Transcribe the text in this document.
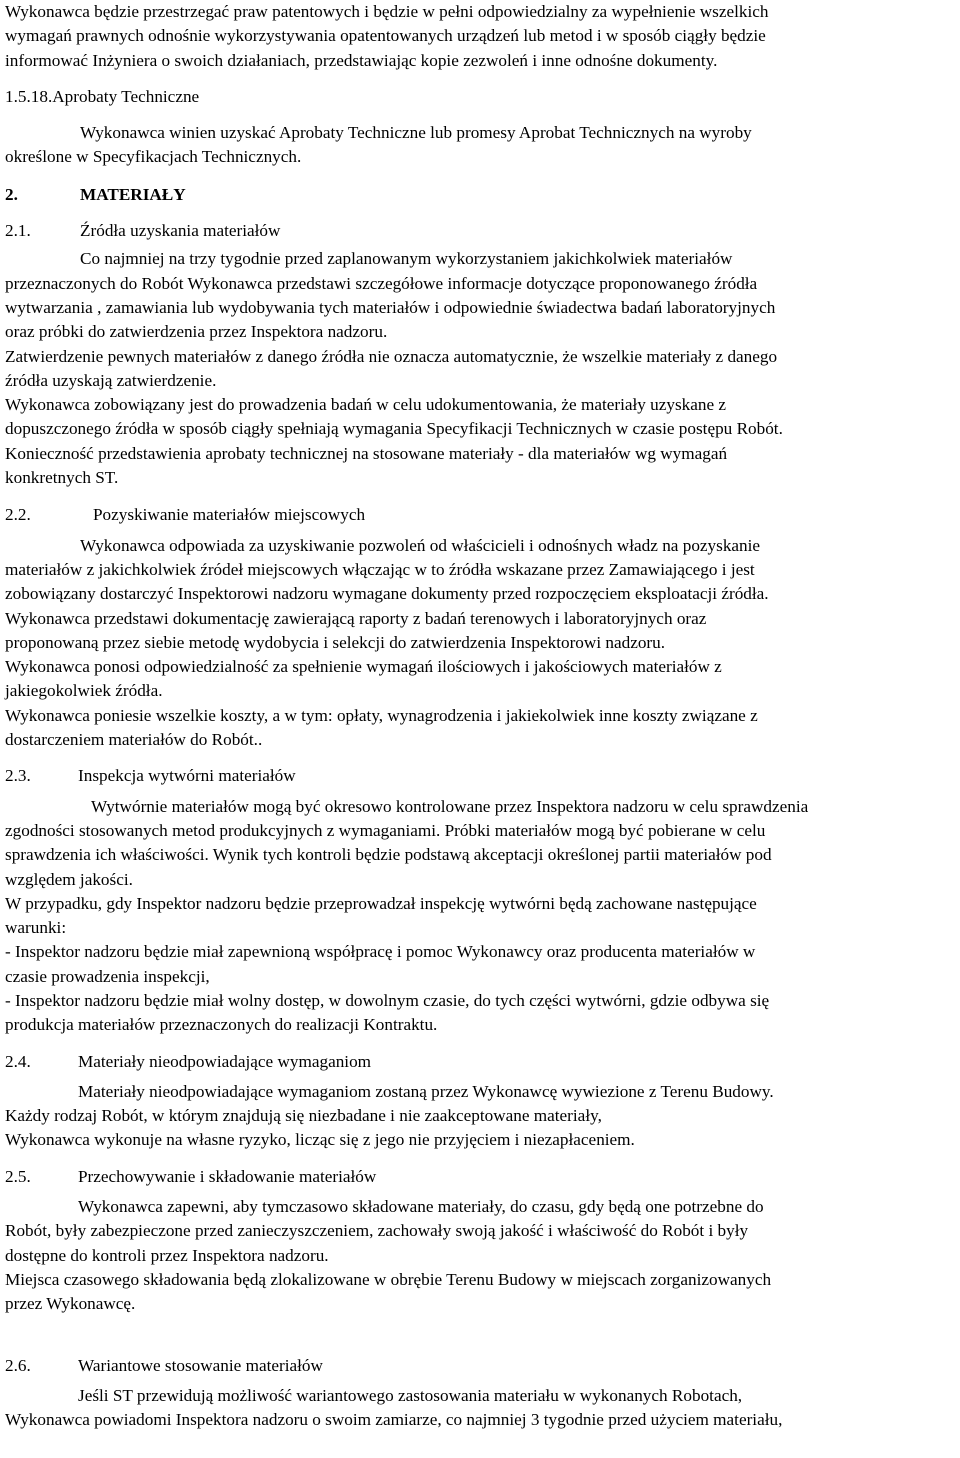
Wykonawca będzie przestrzegać praw patentowych i będzie w pełni odpowiedzialny za wypełnienie wszelkich
wymagań prawnych odnośnie wykorzystywania opatentowanych urządzeń lub metod i w sposób ciągły będzie
informować Inżyniera o swoich działaniach, przedstawiając kopie zezwoleń i inne odnośne dokumenty.
1.5.18.Aprobaty Techniczne
Wykonawca winien uzyskać Aprobaty Techniczne lub promesy Aprobat Technicznych na wyroby
określone w Specyfikacjach Technicznych.
2.	MATERIAŁY
2.1.	Źródła uzyskania materiałów
Co najmniej na trzy tygodnie przed zaplanowanym wykorzystaniem jakichkolwiek materiałów
przeznaczonych do Robót Wykonawca przedstawi szczegółowe informacje dotyczące proponowanego źródła
wytwarzania , zamawiania lub wydobywania tych materiałów i odpowiednie świadectwa badań laboratoryjnych
oraz próbki do zatwierdzenia przez Inspektora nadzoru.
Zatwierdzenie pewnych materiałów z danego źródła nie oznacza automatycznie, że wszelkie materiały z danego
źródła uzyskają zatwierdzenie.
Wykonawca zobowiązany jest do prowadzenia badań w celu udokumentowania, że materiały uzyskane z
dopuszczonego źródła w sposób ciągły spełniają wymagania Specyfikacji Technicznych w czasie postępu Robót.
Konieczność przedstawienia aprobaty technicznej na stosowane materiały - dla materiałów wg wymagań
konkretnych ST.
2.2.	Pozyskiwanie materiałów miejscowych
Wykonawca odpowiada za uzyskiwanie pozwoleń od właścicieli i odnośnych władz na pozyskanie
materiałów z jakichkolwiek źródeł miejscowych włączając w to źródła wskazane przez Zamawiającego i jest
zobowiązany dostarczyć Inspektorowi nadzoru wymagane dokumenty przed rozpoczęciem eksploatacji źródła.
Wykonawca przedstawi dokumentację zawierającą raporty z badań terenowych i laboratoryjnych oraz
proponowaną przez siebie metodę wydobycia i selekcji do zatwierdzenia Inspektorowi nadzoru.
Wykonawca ponosi odpowiedzialność za spełnienie wymagań ilościowych i jakościowych materiałów z
jakiegokolwiek źródła.
Wykonawca poniesie wszelkie koszty, a w tym: opłaty, wynagrodzenia i jakiekolwiek inne koszty związane z
dostarczeniem materiałów do Robót..
2.3.	Inspekcja wytwórni materiałów
Wytwórnie materiałów mogą być okresowo kontrolowane przez Inspektora nadzoru w celu sprawdzenia
zgodności stosowanych metod produkcyjnych z wymaganiami. Próbki materiałów mogą być pobierane w celu
sprawdzenia ich właściwości. Wynik tych kontroli będzie podstawą akceptacji określonej partii materiałów pod
względem jakości.
W przypadku, gdy Inspektor nadzoru będzie przeprowadzał inspekcję wytwórni będą zachowane następujące
warunki:
- Inspektor nadzoru będzie miał zapewnioną współpracę i pomoc Wykonawcy oraz producenta materiałów w
czasie prowadzenia inspekcji,
- Inspektor nadzoru będzie miał wolny dostęp, w dowolnym czasie, do tych części wytwórni, gdzie odbywa się
produkcja materiałów przeznaczonych do realizacji Kontraktu.
2.4.	Materiały nieodpowiadające wymaganiom
Materiały nieodpowiadające wymaganiom zostaną przez Wykonawcę wywiezione z Terenu Budowy.
Każdy rodzaj Robót, w którym znajdują się niezbadane i nie zaakceptowane materiały,
Wykonawca wykonuje na własne ryzyko, licząc się z jego nie przyjęciem i niezapłaceniem.
2.5.	Przechowywanie i składowanie materiałów
Wykonawca zapewni, aby tymczasowo składowane materiały, do czasu, gdy będą one potrzebne do
Robót, były zabezpieczone przed zanieczyszczeniem, zachowały swoją jakość i właściwość do Robót i były
dostępne do kontroli przez Inspektora nadzoru.
Miejsca czasowego składowania będą zlokalizowane w obrębie Terenu Budowy w miejscach zorganizowanych
przez Wykonawcę.
2.6.	Wariantowe stosowanie materiałów
Jeśli ST przewidują możliwość wariantowego zastosowania materiału w wykonanych Robotach,
Wykonawca powiadomi Inspektora nadzoru o swoim zamiarze, co najmniej 3 tygodnie przed użyciem materiału,
